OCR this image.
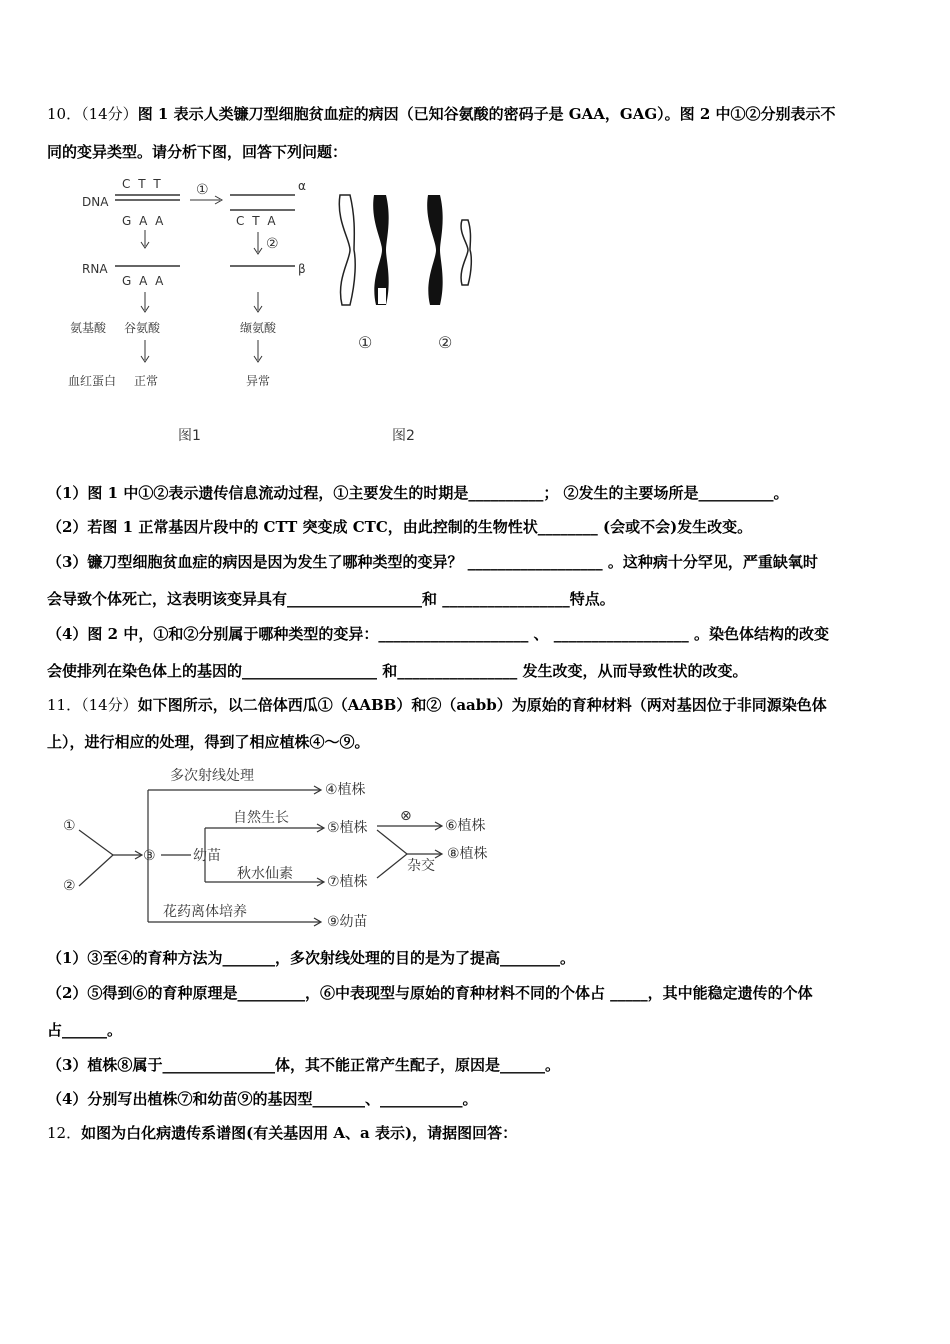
10．（14分）图 1 表示人类镰刀型细胞贫血症的病因（已知谷氨酸的密码子是 GAA，GAG）。图 2 中①②分别表示不
同的变异类型。请分析下图，回答下列问题：
DNA
C T T
G A A
RNA
G A A
氨基酸 谷氨酸
血红蛋白 正常
①	α
C T A
②
β
缬氨酸
异常
图1	图2
①	②
（1）图 1 中①②表示遗传信息流动过程，①主要发生的时期是__________； ②发生的主要场所是__________。
（2）若图 1 正常基因片段中的 CTT 突变成 CTC，由此控制的生物性状________ (会或不会)发生改变。
（3）镰刀型细胞贫血症的病因是因为发生了哪种类型的变异？ __________________ 。这种病十分罕见，严重缺氧时
会导致个体死亡，这表明该变异具有__________________和 _________________特点。
（4）图 2 中，①和②分别属于哪种类型的变异：____________________ 、 __________________ 。染色体结构的改变
会使排列在染色体上的基因的__________________ 和________________ 发生改变，从而导致性状的改变。
11．（14分）如下图所示，以二倍体西瓜①（AABB）和②（aabb）为原始的育种材料（两对基因位于非同源染色体
上），进行相应的处理，得到了相应植株④～⑨。
①
②
③	幼苗
多次射线处理
④植株
自然生长
⑤植株
⊗
⑥植株
杂交
⑧植株
秋水仙素 ⑦植株
花药离体培养
⑨幼苗
（1）③至④的育种方法为_______，多次射线处理的目的是为了提高________。
（2）⑤得到⑥的育种原理是_________，⑥中表现型与原始的育种材料不同的个体占 _____，其中能稳定遗传的个体
占______。
（3）植株⑧属于_______________体，其不能正常产生配子，原因是______。
（4）分别写出植株⑦和幼苗⑨的基因型_______、___________。
12．如图为白化病遗传系谱图(有关基因用 A、a 表示)，请据图回答：
